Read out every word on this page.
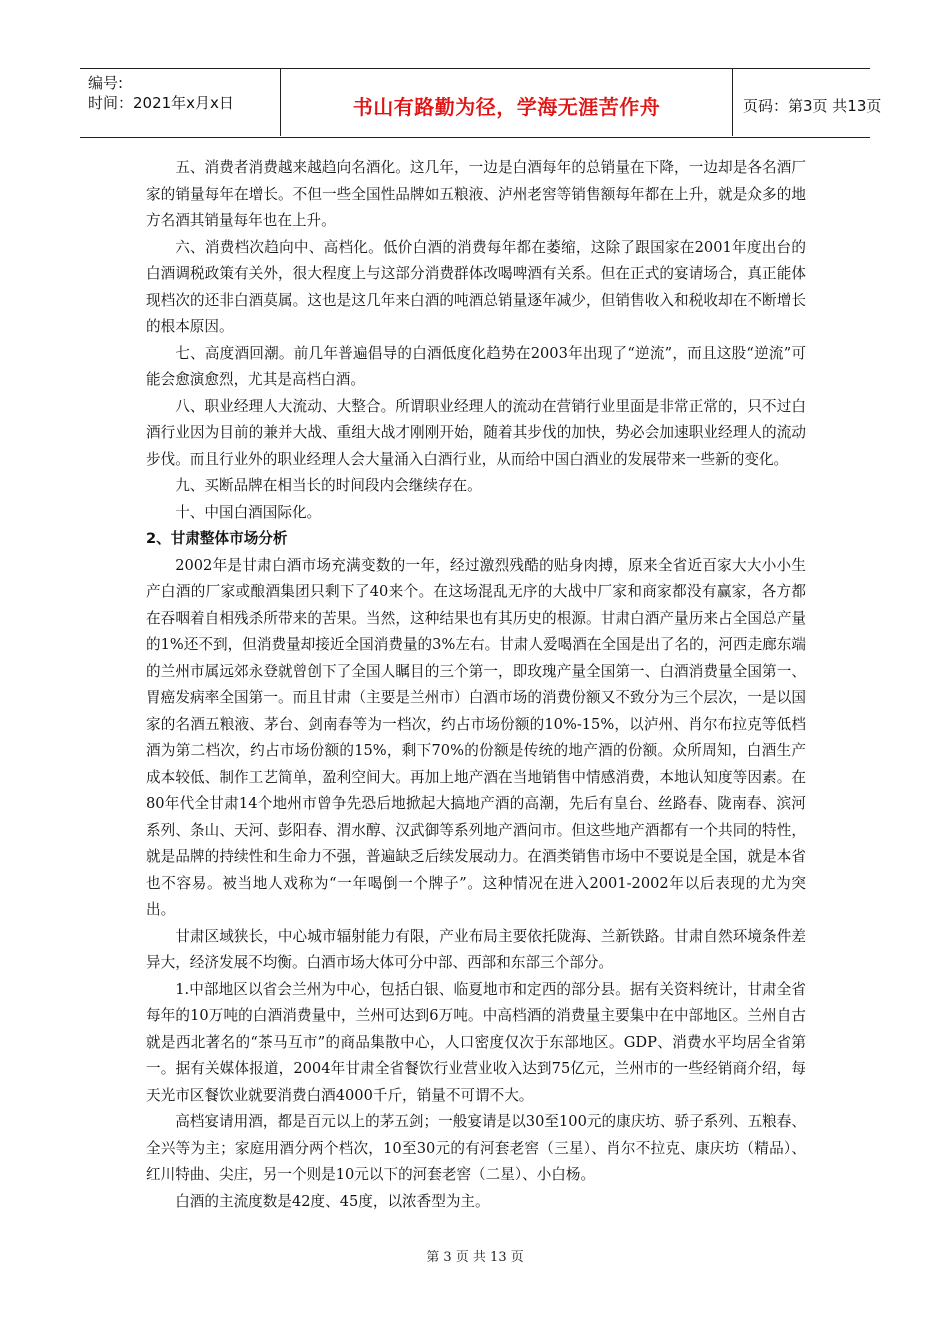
编号:
时间：2021年x月x日	书山有路勤为径，学海无涯苦作舟	页码：第3页 共13页

五、消费者消费越来越趋向名酒化。这几年，一边是白酒每年的总销量在下降，一边却是各名酒厂家的销量每年在增长。不但一些全国性品牌如五粮液、泸州老窖等销售额每年都在上升，就是众多的地方名酒其销量每年也在上升。

六、消费档次趋向中、高档化。低价白酒的消费每年都在萎缩，这除了跟国家在2001年度出台的白酒调税政策有关外，很大程度上与这部分消费群体改喝啤酒有关系。但在正式的宴请场合，真正能体现档次的还非白酒莫属。这也是这几年来白酒的吨酒总销量逐年减少，但销售收入和税收却在不断增长的根本原因。

七、高度酒回潮。前几年普遍倡导的白酒低度化趋势在2003年出现了“逆流”，而且这股“逆流”可能会愈演愈烈，尤其是高档白酒。

八、职业经理人大流动、大整合。所谓职业经理人的流动在营销行业里面是非常正常的，只不过白酒行业因为目前的兼并大战、重组大战才刚刚开始，随着其步伐的加快，势必会加速职业经理人的流动步伐。而且行业外的职业经理人会大量涌入白酒行业，从而给中国白酒业的发展带来一些新的变化。

九、买断品牌在相当长的时间段内会继续存在。

十、中国白酒国际化。

2、甘肃整体市场分析

2002年是甘肃白酒市场充满变数的一年，经过激烈残酷的贴身肉搏，原来全省近百家大大小小生产白酒的厂家或酿酒集团只剩下了40来个。在这场混乱无序的大战中厂家和商家都没有赢家，各方都在吞咽着自相残杀所带来的苦果。当然，这种结果也有其历史的根源。甘肃白酒产量历来占全国总产量的1%还不到，但消费量却接近全国消费量的3%左右。甘肃人爱喝酒在全国是出了名的，河西走廊东端的兰州市属远郊永登就曾创下了全国人瞩目的三个第一，即玫瑰产量全国第一、白酒消费量全国第一、胃癌发病率全国第一。而且甘肃（主要是兰州市）白酒市场的消费份额又不致分为三个层次，一是以国家的名酒五粮液、茅台、剑南春等为一档次，约占市场份额的10%-15%，以泸州、肖尔布拉克等低档酒为第二档次，约占市场份额的15%，剩下70%的份额是传统的地产酒的份额。众所周知，白酒生产成本较低、制作工艺简单，盈利空间大。再加上地产酒在当地销售中情感消费，本地认知度等因素。在80年代全甘肃14个地州市曾争先恐后地掀起大搞地产酒的高潮，先后有皇台、丝路春、陇南春、滨河系列、条山、天河、彭阳春、渭水醇、汉武御等系列地产酒问市。但这些地产酒都有一个共同的特性，就是品牌的持续性和生命力不强，普遍缺乏后续发展动力。在酒类销售市场中不要说是全国，就是本省也不容易。被当地人戏称为“一年喝倒一个牌子”。这种情况在进入2001-2002年以后表现的尤为突出。

甘肃区域狭长，中心城市辐射能力有限，产业布局主要依托陇海、兰新铁路。甘肃自然环境条件差异大，经济发展不均衡。白酒市场大体可分中部、西部和东部三个部分。

1.中部地区以省会兰州为中心，包括白银、临夏地市和定西的部分县。据有关资料统计，甘肃全省每年的10万吨的白酒消费量中，兰州可达到6万吨。中高档酒的消费量主要集中在中部地区。兰州自古就是西北著名的“茶马互市”的商品集散中心，人口密度仅次于东部地区。GDP、消费水平均居全省第一。据有关媒体报道，2004年甘肃全省餐饮行业营业收入达到75亿元，兰州市的一些经销商介绍，每天光市区餐饮业就要消费白酒4000千斤，销量不可谓不大。

高档宴请用酒，都是百元以上的茅五剑；一般宴请是以30至100元的康庆坊、骄子系列、五粮春、全兴等为主；家庭用酒分两个档次，10至30元的有河套老窖（三星）、肖尔不拉克、康庆坊（精品）、红川特曲、尖庄，另一个则是10元以下的河套老窖（二星）、小白杨。

白酒的主流度数是42度、45度，以浓香型为主。

第 3 页 共 13 页
